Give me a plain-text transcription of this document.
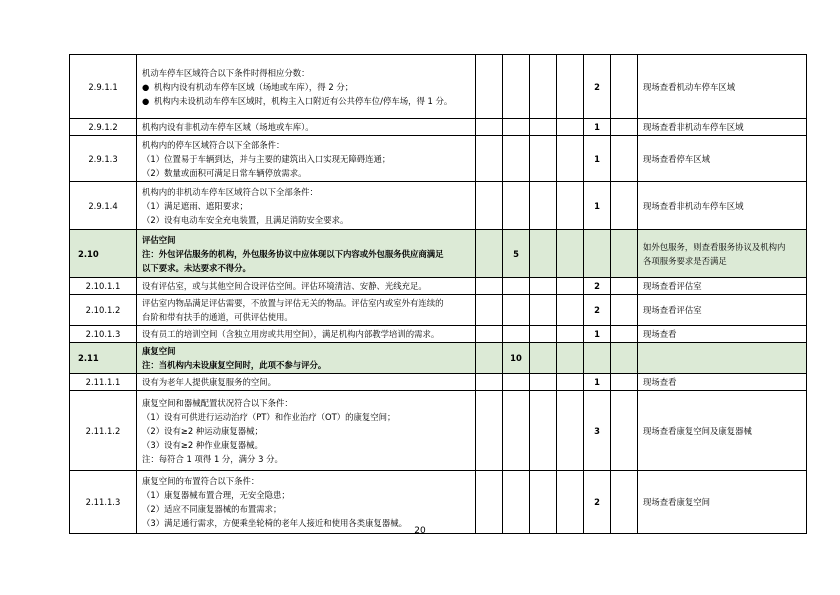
2.9.1.1	机动车停车区域符合以下条件时得相应分数：
● 机构内设有机动车停车区域（场地或车库），得 2 分；
● 机构内未设机动车停车区域时，机构主入口附近有公共停车位/停车场，得 1 分。					2		现场查看机动车停车区域
2.9.1.2	机构内设有非机动车停车区域（场地或车库）。					1		现场查看非机动车停车区域
2.9.1.3	机构内的停车区域符合以下全部条件：
（1）位置易于车辆到达，并与主要的建筑出入口实现无障碍连通；
（2）数量或面积可满足日常车辆停放需求。					1		现场查看停车区域
2.9.1.4	机构内的非机动车停车区域符合以下全部条件：
（1）满足遮雨、遮阳要求；
（2）设有电动车安全充电装置，且满足消防安全要求。					1		现场查看非机动车停车区域
2.10	评估空间
注：外包评估服务的机构，外包服务协议中应体现以下内容或外包服务供应商满足
以下要求。未达要求不得分。		5					如外包服务，则查看服务协议及机构内
各项服务要求是否满足

2.10.1.1	设有评估室，或与其他空间合设评估空间。评估环境清洁、安静、光线充足。					2		现场查看评估室
2.10.1.2	评估室内物品满足评估需要，不放置与评估无关的物品。评估室内或室外有连续的
台阶和带有扶手的通道，可供评估使用。					2		现场查看评估室
2.10.1.3	设有员工的培训空间（含独立用房或共用空间），满足机构内部教学培训的需求。					1		现场查看
2.11	康复空间
注：当机构内未设康复空间时，此项不参与评分。		10					
2.11.1.1	设有为老年人提供康复服务的空间。					1		现场查看
2.11.1.2	康复空间和器械配置状况符合以下条件：
（1）设有可供进行运动治疗（PT）和作业治疗（OT）的康复空间；
（2）设有≥2 种运动康复器械；
（3）设有≥2 种作业康复器械。
注：每符合 1 项得 1 分，满分 3 分。					3		现场查看康复空间及康复器械
2.11.1.3	康复空间的布置符合以下条件：
（1）康复器械布置合理，无安全隐患；
（2）适应不同康复器械的布置需求；
（3）满足通行需求，方便乘坐轮椅的老年人接近和使用各类康复器械。					2		现场查看康复空间
20
